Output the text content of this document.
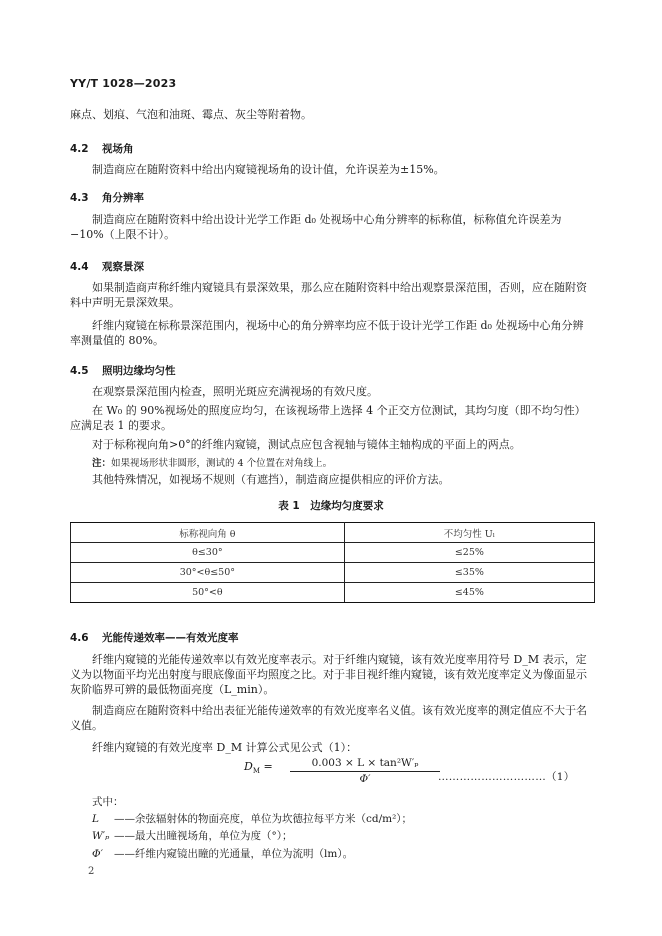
YY/T 1028—2023
麻点、划痕、气泡和油斑、霉点、灰尘等附着物。
4.2 视场角
制造商应在随附资料中给出内窥镜视场角的设计值，允许误差为±15%。
4.3 角分辨率
制造商应在随附资料中给出设计光学工作距 d₀ 处视场中心角分辨率的标称值，标称值允许误差为−10%（上限不计）。
4.4 观察景深
如果制造商声称纤维内窥镜具有景深效果，那么应在随附资料中给出观察景深范围，否则，应在随附资料中声明无景深效果。
纤维内窥镜在标称景深范围内，视场中心的角分辨率均应不低于设计光学工作距 d₀ 处视场中心角分辨率测量值的 80%。
4.5 照明边缘均匀性
在观察景深范围内检查，照明光斑应充满视场的有效尺度。
在 W₀ 的 90%视场处的照度应均匀，在该视场带上选择 4 个正交方位测试，其均匀度（即不均匀性）应满足表 1 的要求。
对于标称视向角>0°的纤维内窥镜，测试点应包含视轴与镜体主轴构成的平面上的两点。
注：如果视场形状非圆形，测试的 4 个位置在对角线上。
其他特殊情况，如视场不规则（有遮挡），制造商应提供相应的评价方法。
表 1　边缘均匀度要求
标称视向角 θ	不均匀性 Uₗ
θ≤30°	≤25%
30°<θ≤50°	≤35%
50°<θ	≤45%
4.6 光能传递效率——有效光度率
纤维内窥镜的光能传递效率以有效光度率表示。对于纤维内窥镜，该有效光度率用符号 D_M 表示，定义为以物面平均光出射度与眼底像面平均照度之比。对于非目视纤维内窥镜，该有效光度率定义为像面显示灰阶临界可辨的最低物面亮度（L_min）。
制造商应在随附资料中给出表征光能传递效率的有效光度率名义值。该有效光度率的测定值应不大于名义值。
纤维内窥镜的有效光度率 D_M 计算公式见公式（1）：
$D_M = \frac{\text{0.003 × L × tan²W′ₚ}}{\Phi'}$
…………………………（1）
式中：
L ——余弦辐射体的物面亮度，单位为坎德拉每平方米（cd/m²）；
W′ₚ ——最大出瞳视场角，单位为度（°）；
Φ′ ——纤维内窥镜出瞳的光通量，单位为流明（lm）。
2
